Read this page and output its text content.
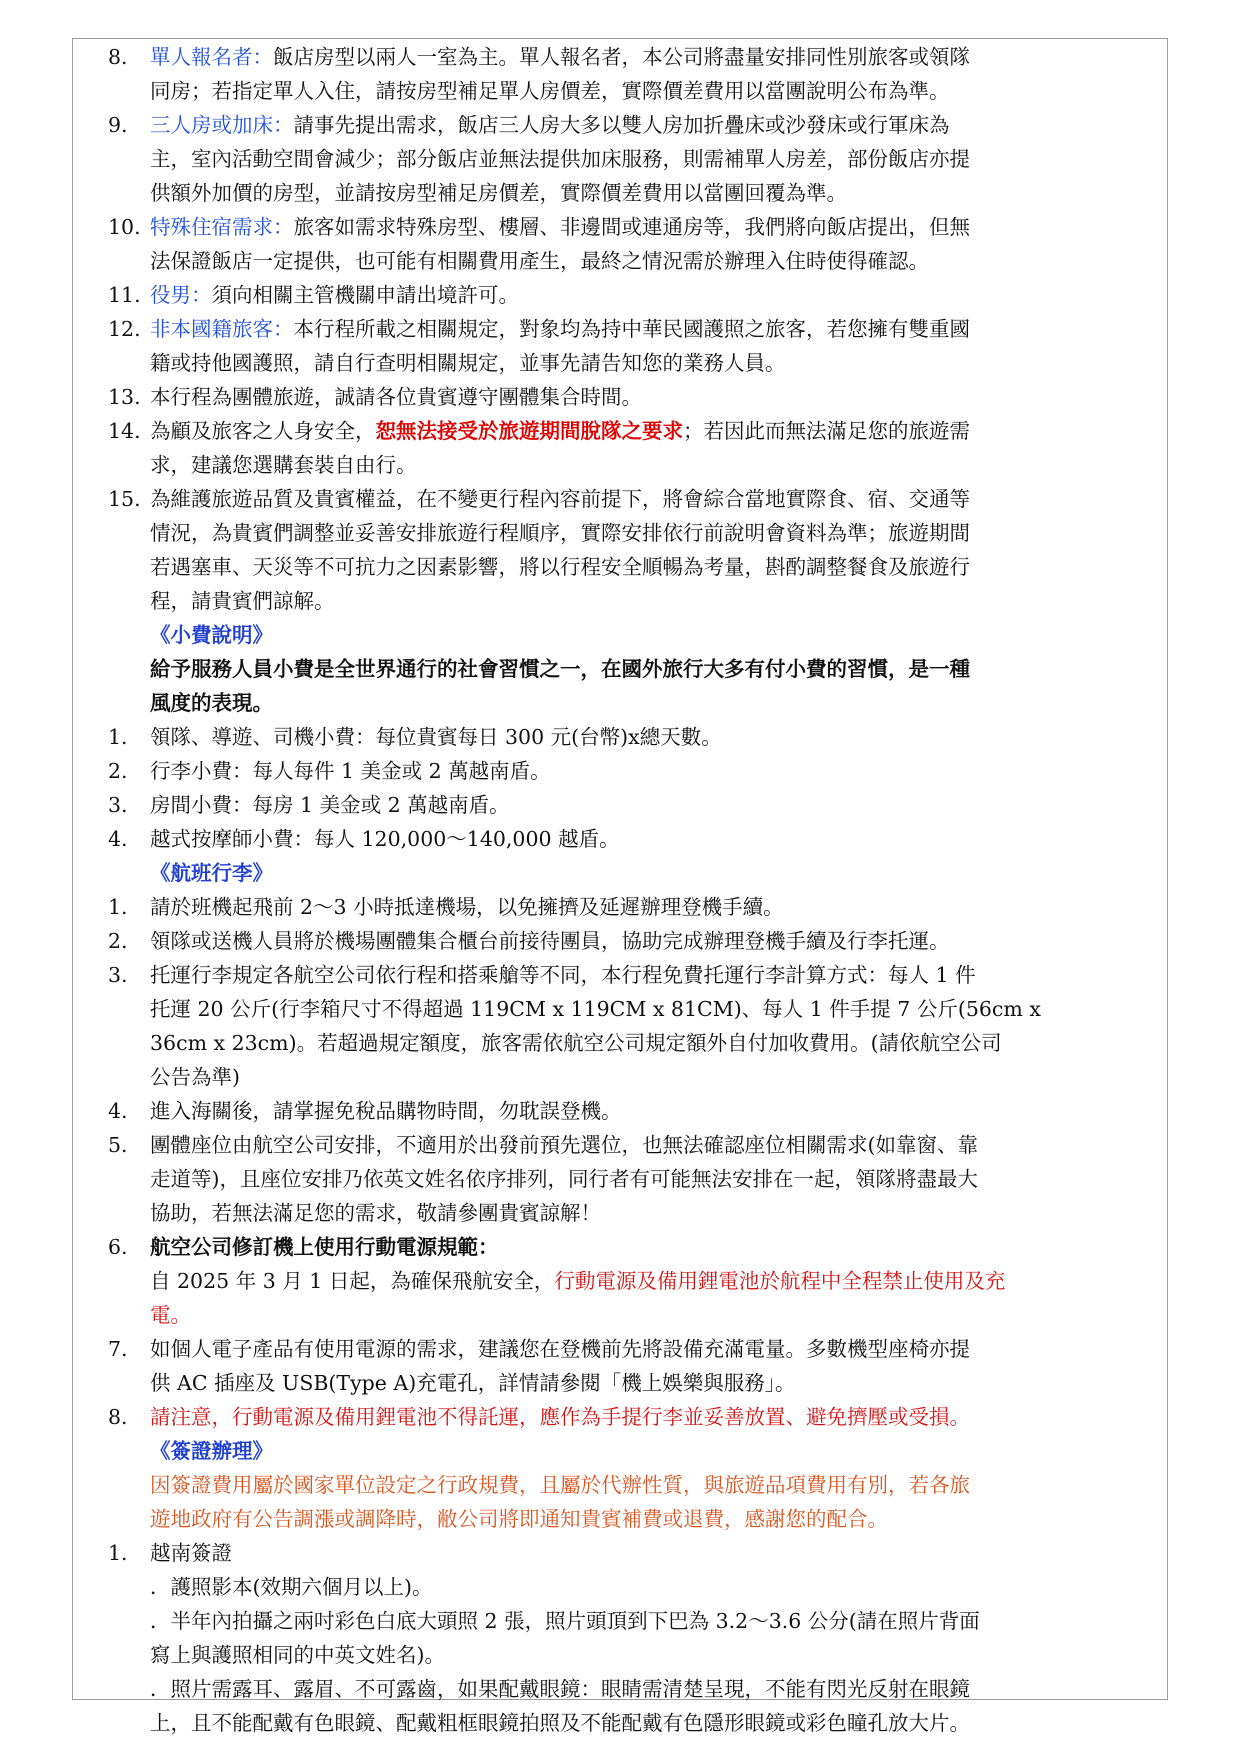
8.	單人報名者：飯店房型以兩人一室為主。單人報名者，本公司將盡量安排同性別旅客或領隊
同房；若指定單人入住，請按房型補足單人房價差，實際價差費用以當團說明公布為準。
9.	三人房或加床：請事先提出需求，飯店三人房大多以雙人房加折疊床或沙發床或行軍床為
主，室內活動空間會減少；部分飯店並無法提供加床服務，則需補單人房差，部份飯店亦提
供額外加價的房型，並請按房型補足房價差，實際價差費用以當團回覆為準。
10. 特殊住宿需求：旅客如需求特殊房型、樓層、非邊間或連通房等，我們將向飯店提出，但無
法保證飯店一定提供，也可能有相關費用產生，最終之情況需於辦理入住時使得確認。
11. 役男：須向相關主管機關申請出境許可。
12. 非本國籍旅客：本行程所載之相關規定，對象均為持中華民國護照之旅客，若您擁有雙重國
籍或持他國護照，請自行查明相關規定，並事先請告知您的業務人員。
13. 本行程為團體旅遊，誠請各位貴賓遵守團體集合時間。
14. 為顧及旅客之人身安全，恕無法接受於旅遊期間脫隊之要求；若因此而無法滿足您的旅遊需
求，建議您選購套裝自由行。
15. 為維護旅遊品質及貴賓權益，在不變更行程內容前提下，將會綜合當地實際食、宿、交通等
情況，為貴賓們調整並妥善安排旅遊行程順序，實際安排依行前說明會資料為準；旅遊期間
若遇塞車、天災等不可抗力之因素影響，將以行程安全順暢為考量，斟酌調整餐食及旅遊行
程，請貴賓們諒解。
《小費說明》
給予服務人員小費是全世界通行的社會習慣之一，在國外旅行大多有付小費的習慣，是一種
風度的表現。
1.	領隊、導遊、司機小費：每位貴賓每日 300 元(台幣)x總天數。
2.	行李小費：每人每件 1 美金或 2 萬越南盾。
3.	房間小費：每房 1 美金或 2 萬越南盾。
4.	越式按摩師小費：每人 120,000～140,000 越盾。
《航班行李》
1.	請於班機起飛前 2～3 小時抵達機場，以免擁擠及延遲辦理登機手續。
2.	領隊或送機人員將於機場團體集合櫃台前接待團員，協助完成辦理登機手續及行李托運。
3.	托運行李規定各航空公司依行程和搭乘艙等不同，本行程免費托運行李計算方式：每人 1 件
托運 20 公斤(行李箱尺寸不得超過 119CM x 119CM x 81CM)、每人 1 件手提 7 公斤(56cm x
36cm x 23cm)。若超過規定額度，旅客需依航空公司規定額外自付加收費用。(請依航空公司
公告為準)
4.	進入海關後，請掌握免稅品購物時間，勿耽誤登機。
5.	團體座位由航空公司安排，不適用於出發前預先選位，也無法確認座位相關需求(如靠窗、靠
走道等)，且座位安排乃依英文姓名依序排列，同行者有可能無法安排在一起，領隊將盡最大
協助，若無法滿足您的需求，敬請參團貴賓諒解！
6.	航空公司修訂機上使用行動電源規範：
自 2025 年 3 月 1 日起，為確保飛航安全，行動電源及備用鋰電池於航程中全程禁止使用及充
電。
7.	如個人電子產品有使用電源的需求，建議您在登機前先將設備充滿電量。多數機型座椅亦提
供 AC 插座及 USB(Type A)充電孔，詳情請參閱「機上娛樂與服務」。
8.	請注意，行動電源及備用鋰電池不得託運，應作為手提行李並妥善放置、避免擠壓或受損。
《簽證辦理》
因簽證費用屬於國家單位設定之行政規費，且屬於代辦性質，與旅遊品項費用有別，若各旅
遊地政府有公告調漲或調降時，敝公司將即通知貴賓補費或退費，感謝您的配合。
1.	越南簽證
．護照影本(效期六個月以上)。
．半年內拍攝之兩吋彩色白底大頭照 2 張，照片頭頂到下巴為 3.2～3.6 公分(請在照片背面
寫上與護照相同的中英文姓名)。
．照片需露耳、露眉、不可露齒，如果配戴眼鏡：眼睛需清楚呈現，不能有閃光反射在眼鏡
上，且不能配戴有色眼鏡、配戴粗框眼鏡拍照及不能配戴有色隱形眼鏡或彩色瞳孔放大片。
